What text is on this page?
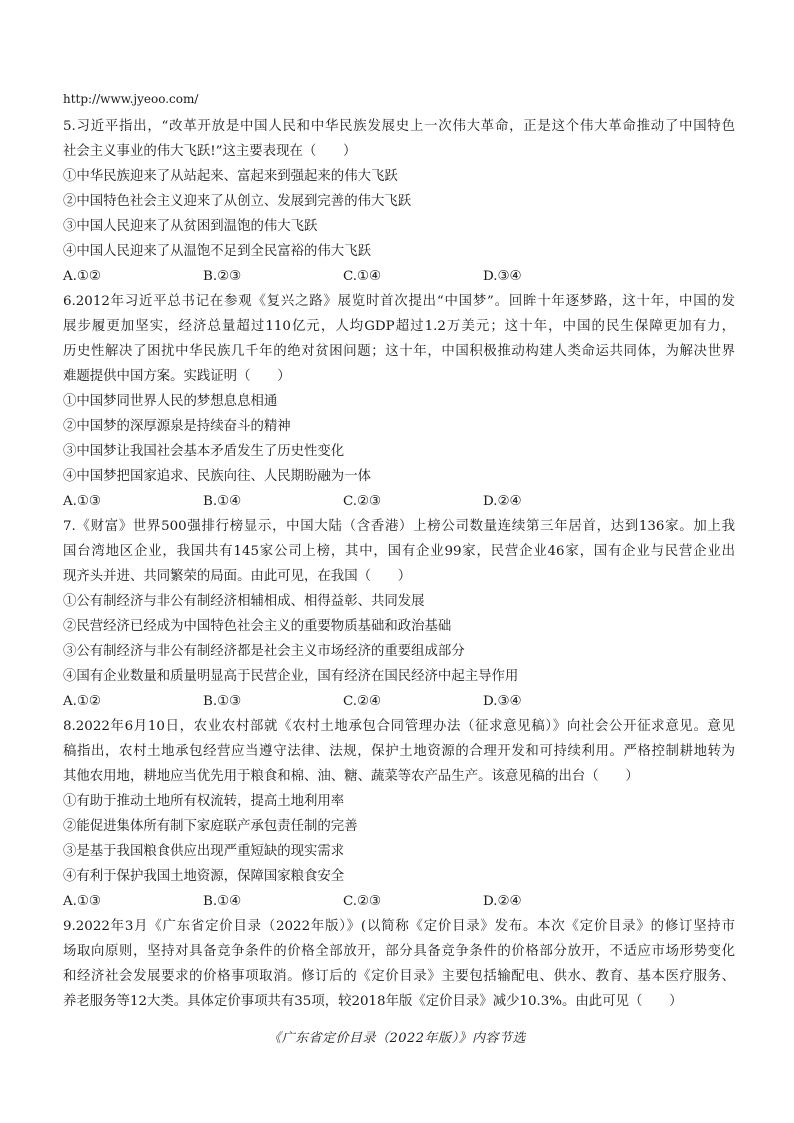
http://www.jyeoo.com/
5.习近平指出，“改革开放是中国人民和中华民族发展史上一次伟大革命，正是这个伟大革命推动了中国特色
社会主义事业的伟大飞跃!”这主要表现在（　　）
①中华民族迎来了从站起来、富起来到强起来的伟大飞跃
②中国特色社会主义迎来了从创立、发展到完善的伟大飞跃
③中国人民迎来了从贫困到温饱的伟大飞跃
④中国人民迎来了从温饱不足到全民富裕的伟大飞跃
A.①②	B.②③	C.①④	D.③④
6.2012年习近平总书记在参观《复兴之路》展览时首次提出“中国梦”。回眸十年逐梦路，这十年，中国的发
展步履更加坚实，经济总量超过110亿元，人均GDP超过1.2万美元；这十年，中国的民生保障更加有力，
历史性解决了困扰中华民族几千年的绝对贫困问题；这十年，中国积极推动构建人类命运共同体，为解决世界
难题提供中国方案。实践证明（　　）
①中国梦同世界人民的梦想息息相通
②中国梦的深厚源泉是持续奋斗的精神
③中国梦让我国社会基本矛盾发生了历史性变化
④中国梦把国家追求、民族向往、人民期盼融为一体
A.①③	B.①④	C.②③	D.②④
7.《财富》世界500强排行榜显示，中国大陆（含香港）上榜公司数量连续第三年居首，达到136家。加上我
国台湾地区企业，我国共有145家公司上榜，其中，国有企业99家，民营企业46家，国有企业与民营企业出
现齐头并进、共同繁荣的局面。由此可见，在我国（　　）
①公有制经济与非公有制经济相辅相成、相得益彰、共同发展
②民营经济已经成为中国特色社会主义的重要物质基础和政治基础
③公有制经济与非公有制经济都是社会主义市场经济的重要组成部分
④国有企业数量和质量明显高于民营企业，国有经济在国民经济中起主导作用
A.①②	B.①③	C.②④	D.③④
8.2022年6月10日，农业农村部就《农村土地承包合同管理办法（征求意见稿）》向社会公开征求意见。意见
稿指出，农村土地承包经营应当遵守法律、法规，保护土地资源的合理开发和可持续利用。严格控制耕地转为
其他农用地，耕地应当优先用于粮食和棉、油、糖、蔬菜等农产品生产。该意见稿的出台（　　）
①有助于推动土地所有权流转，提高土地利用率
②能促进集体所有制下家庭联产承包责任制的完善
③是基于我国粮食供应出现严重短缺的现实需求
④有利于保护我国土地资源，保障国家粮食安全
A.①③	B.①④	C.②③	D.②④
9.2022年3月《广东省定价目录（2022年版）》(以简称《定价目录》发布。本次《定价目录》的修订坚持市
场取向原则，坚持对具备竞争条件的价格全部放开，部分具备竞争条件的价格部分放开，不适应市场形势变化
和经济社会发展要求的价格事项取消。修订后的《定价目录》主要包括输配电、供水、教育、基本医疗服务、
养老服务等12大类。具体定价事项共有35项，较2018年版《定价目录》减少10.3%。由此可见（　　）
《广东省定价目录（2022年版）》内容节选
